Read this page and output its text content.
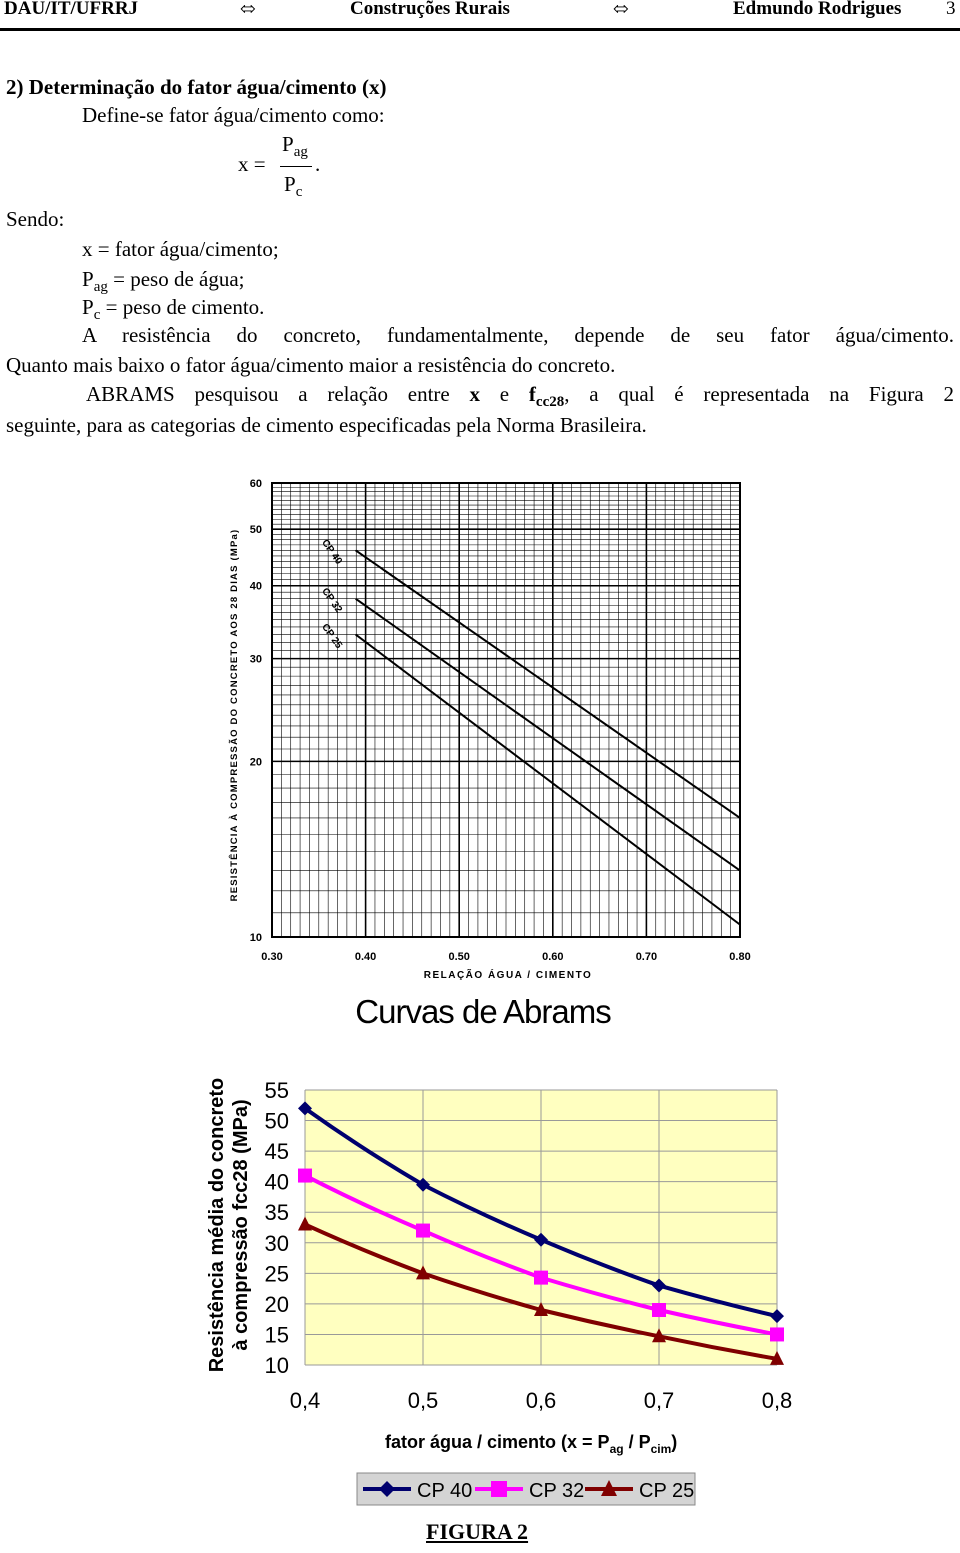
DAU/IT/UFRRJ	⬄	Construções Rurais	⬄	Edmundo Rodrigues 3
2) Determinação do fator água/cimento (x)
Define-se fator água/cimento como:
x =
$P_{ag}$ .
$P_c$
Sendo:
x = fator água/cimento;
$P_{ag}$ = peso de água;
$P_c$ = peso de cimento.
A resistência do concreto, fundamentalmente, depende de seu fator água/cimento.
Quanto mais baixo o fator água/cimento maior a resistência do concreto.
ABRAMS pesquisou a relação entre x e $f_{cc28}$, a qual é representada na Figura 2
seguinte, para as categorias de cimento especificadas pela Norma Brasileira.
CP 40
CP 32
CP 25
0.30	0.40	0.50	0.60	0.70	0.80
10
20
30
40
50
60
RESISTÊNCIA À COMPRESSÃO DO CONCRETO AOS 28 DIAS (MPa)
RELAÇÃO ÁGUA / CIMENTO
Curvas de Abrams
55
50
45
40
35
30
25
20
15
10
0,4	0,5	0,6	0,7	0,8
Resistência média do concreto à compressão fcc28 (MPa)
fator água / cimento $(x = P_{ag} / P_{cim})$
CP 40	CP 32	CP 25
FIGURA 2
